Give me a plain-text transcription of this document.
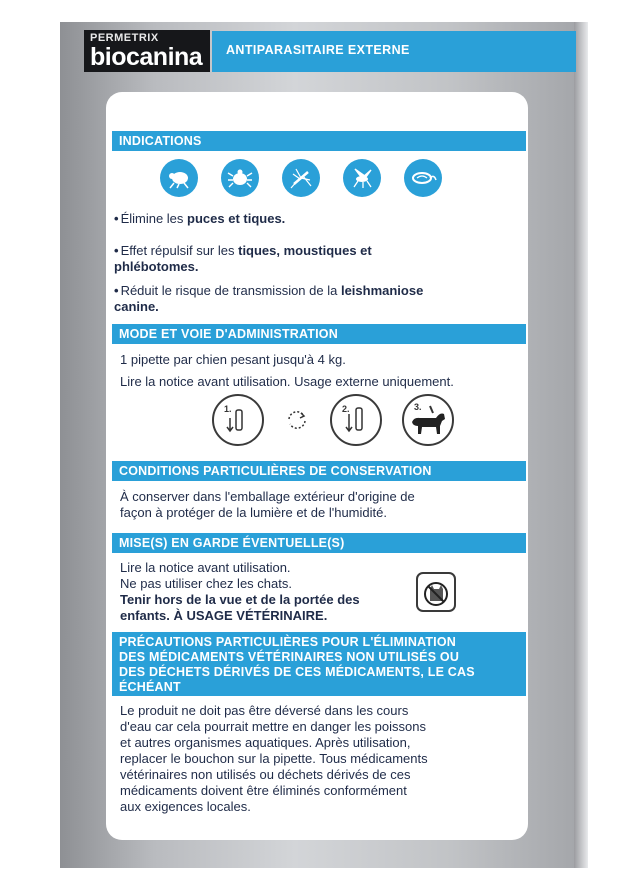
PERMETRIX
biocanina	ANTIPARASITAIRE EXTERNE
INDICATIONS
• Élimine les puces et tiques.
• Effet répulsif sur les tiques, moustiques et
phlébotomes.
• Réduit le risque de transmission de la leishmaniose
canine.
MODE ET VOIE D'ADMINISTRATION
1 pipette par chien pesant jusqu'à 4 kg.
Lire la notice avant utilisation. Usage externe uniquement.
1.	2.	3.
CONDITIONS PARTICULIÈRES DE CONSERVATION
À conserver dans l'emballage extérieur d'origine de
façon à protéger de la lumière et de l'humidité.
MISE(S) EN GARDE ÉVENTUELLE(S)
Lire la notice avant utilisation.
Ne pas utiliser chez les chats.
Tenir hors de la vue et de la portée des
enfants. À USAGE VÉTÉRINAIRE.
PRÉCAUTIONS PARTICULIÈRES POUR L'ÉLIMINATION
DES MÉDICAMENTS VÉTÉRINAIRES NON UTILISÉS OU
DES DÉCHETS DÉRIVÉS DE CES MÉDICAMENTS, LE CAS
ÉCHÉANT
Le produit ne doit pas être déversé dans les cours
d'eau car cela pourrait mettre en danger les poissons
et autres organismes aquatiques. Après utilisation,
replacer le bouchon sur la pipette. Tous médicaments
vétérinaires non utilisés ou déchets dérivés de ces
médicaments doivent être éliminés conformément
aux exigences locales.
